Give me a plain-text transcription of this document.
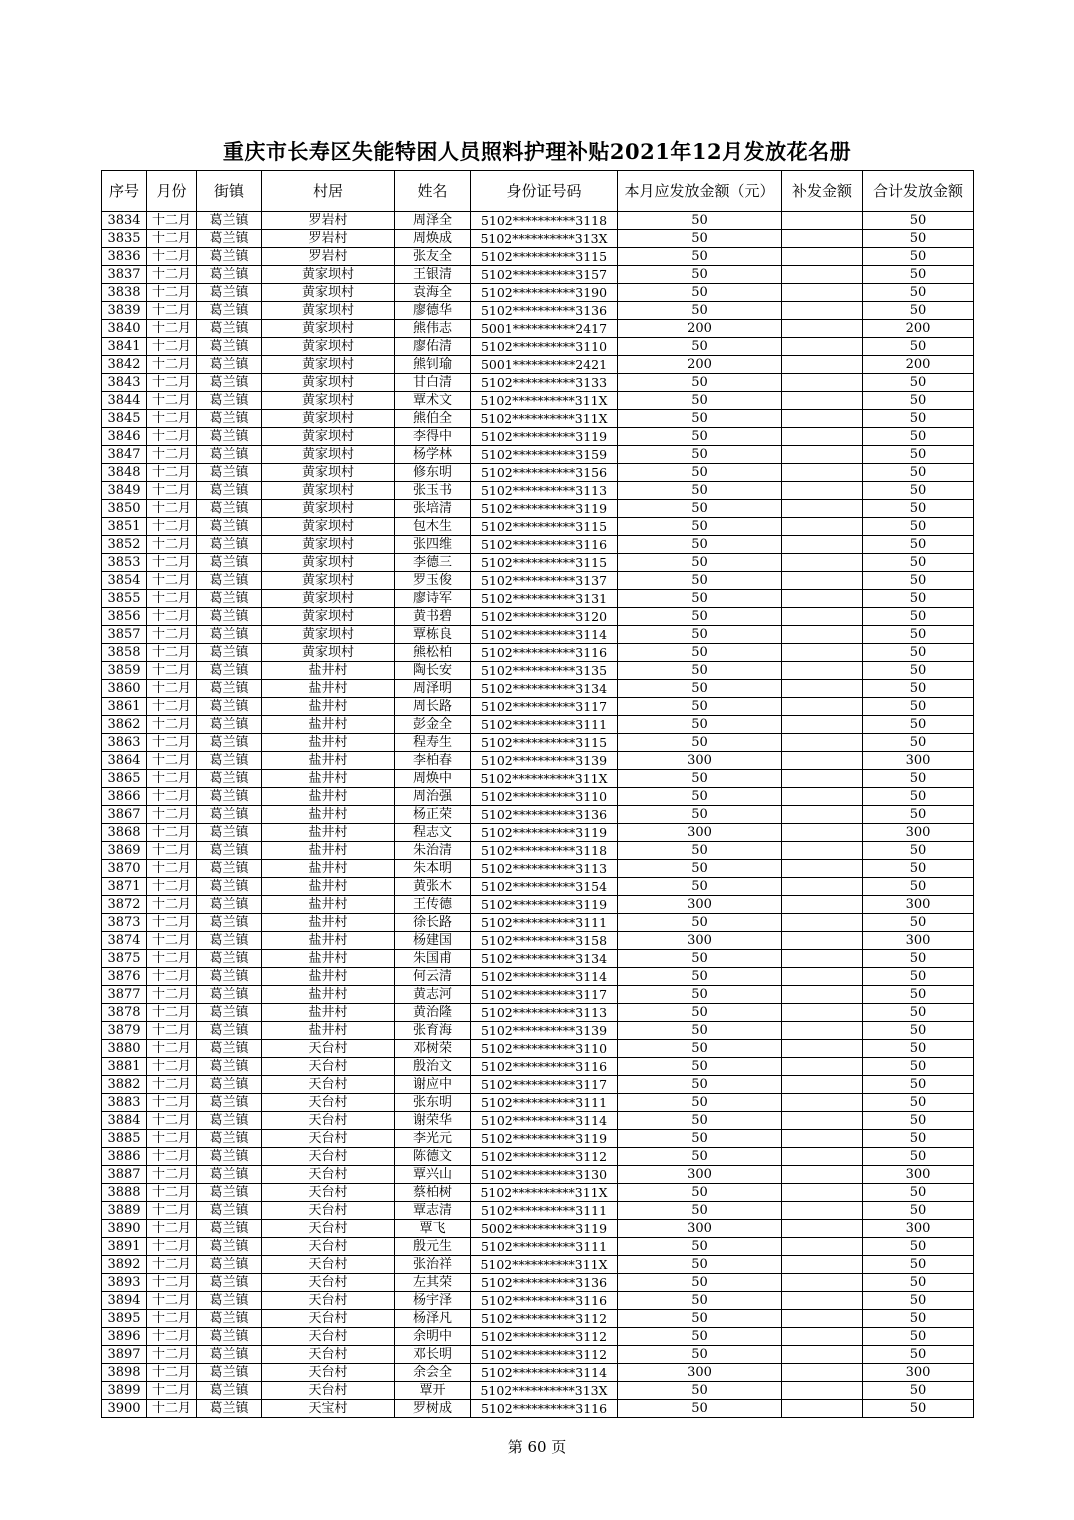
重庆市长寿区失能特困人员照料护理补贴2021年12月发放花名册
序号	月份	街镇	村居	姓名	身份证号码	本月应发放金额（元）	补发金额	合计发放金额
3834	十二月	葛兰镇	罗岩村	周泽全	5102**********3118	50		50
3835	十二月	葛兰镇	罗岩村	周焕成	5102**********313X	50		50
3836	十二月	葛兰镇	罗岩村	张友全	5102**********3115	50		50
3837	十二月	葛兰镇	黄家坝村	王银清	5102**********3157	50		50
3838	十二月	葛兰镇	黄家坝村	袁海全	5102**********3190	50		50
3839	十二月	葛兰镇	黄家坝村	廖德华	5102**********3136	50		50
3840	十二月	葛兰镇	黄家坝村	熊伟志	5001**********2417	200		200
3841	十二月	葛兰镇	黄家坝村	廖佑清	5102**********3110	50		50
3842	十二月	葛兰镇	黄家坝村	熊钊瑜	5001**********2421	200		200
3843	十二月	葛兰镇	黄家坝村	甘白清	5102**********3133	50		50
3844	十二月	葛兰镇	黄家坝村	覃术文	5102**********311X	50		50
3845	十二月	葛兰镇	黄家坝村	熊伯全	5102**********311X	50		50
3846	十二月	葛兰镇	黄家坝村	李得中	5102**********3119	50		50
3847	十二月	葛兰镇	黄家坝村	杨学林	5102**********3159	50		50
3848	十二月	葛兰镇	黄家坝村	修东明	5102**********3156	50		50
3849	十二月	葛兰镇	黄家坝村	张玉书	5102**********3113	50		50
3850	十二月	葛兰镇	黄家坝村	张培清	5102**********3119	50		50
3851	十二月	葛兰镇	黄家坝村	包木生	5102**********3115	50		50
3852	十二月	葛兰镇	黄家坝村	张四维	5102**********3116	50		50
3853	十二月	葛兰镇	黄家坝村	李德三	5102**********3115	50		50
3854	十二月	葛兰镇	黄家坝村	罗玉俊	5102**********3137	50		50
3855	十二月	葛兰镇	黄家坝村	廖诗军	5102**********3131	50		50
3856	十二月	葛兰镇	黄家坝村	黄书碧	5102**********3120	50		50
3857	十二月	葛兰镇	黄家坝村	覃栋良	5102**********3114	50		50
3858	十二月	葛兰镇	黄家坝村	熊松柏	5102**********3116	50		50
3859	十二月	葛兰镇	盐井村	陶长安	5102**********3135	50		50
3860	十二月	葛兰镇	盐井村	周泽明	5102**********3134	50		50
3861	十二月	葛兰镇	盐井村	周长路	5102**********3117	50		50
3862	十二月	葛兰镇	盐井村	彭金全	5102**********3111	50		50
3863	十二月	葛兰镇	盐井村	程寿生	5102**********3115	50		50
3864	十二月	葛兰镇	盐井村	李柏春	5102**********3139	300		300
3865	十二月	葛兰镇	盐井村	周焕中	5102**********311X	50		50
3866	十二月	葛兰镇	盐井村	周治强	5102**********3110	50		50
3867	十二月	葛兰镇	盐井村	杨正荣	5102**********3136	50		50
3868	十二月	葛兰镇	盐井村	程志文	5102**********3119	300		300
3869	十二月	葛兰镇	盐井村	朱治清	5102**********3118	50		50
3870	十二月	葛兰镇	盐井村	朱本明	5102**********3113	50		50
3871	十二月	葛兰镇	盐井村	黄张木	5102**********3154	50		50
3872	十二月	葛兰镇	盐井村	王传德	5102**********3119	300		300
3873	十二月	葛兰镇	盐井村	徐长路	5102**********3111	50		50
3874	十二月	葛兰镇	盐井村	杨建国	5102**********3158	300		300
3875	十二月	葛兰镇	盐井村	朱国甫	5102**********3134	50		50
3876	十二月	葛兰镇	盐井村	何云清	5102**********3114	50		50
3877	十二月	葛兰镇	盐井村	黄志河	5102**********3117	50		50
3878	十二月	葛兰镇	盐井村	黄治隆	5102**********3113	50		50
3879	十二月	葛兰镇	盐井村	张育海	5102**********3139	50		50
3880	十二月	葛兰镇	天台村	邓树荣	5102**********3110	50		50
3881	十二月	葛兰镇	天台村	殷治文	5102**********3116	50		50
3882	十二月	葛兰镇	天台村	谢应中	5102**********3117	50		50
3883	十二月	葛兰镇	天台村	张东明	5102**********3111	50		50
3884	十二月	葛兰镇	天台村	谢荣华	5102**********3114	50		50
3885	十二月	葛兰镇	天台村	李光元	5102**********3119	50		50
3886	十二月	葛兰镇	天台村	陈德文	5102**********3112	50		50
3887	十二月	葛兰镇	天台村	覃兴山	5102**********3130	300		300
3888	十二月	葛兰镇	天台村	蔡柏树	5102**********311X	50		50
3889	十二月	葛兰镇	天台村	覃志清	5102**********3111	50		50
3890	十二月	葛兰镇	天台村	覃飞	5002**********3119	300		300
3891	十二月	葛兰镇	天台村	殷元生	5102**********3111	50		50
3892	十二月	葛兰镇	天台村	张治祥	5102**********311X	50		50
3893	十二月	葛兰镇	天台村	左其荣	5102**********3136	50		50
3894	十二月	葛兰镇	天台村	杨宇泽	5102**********3116	50		50
3895	十二月	葛兰镇	天台村	杨泽凡	5102**********3112	50		50
3896	十二月	葛兰镇	天台村	余明中	5102**********3112	50		50
3897	十二月	葛兰镇	天台村	邓长明	5102**********3112	50		50
3898	十二月	葛兰镇	天台村	余会全	5102**********3114	300		300
3899	十二月	葛兰镇	天台村	覃开	5102**********313X	50		50
3900	十二月	葛兰镇	天宝村	罗树成	5102**********3116	50		50
第 60 页
